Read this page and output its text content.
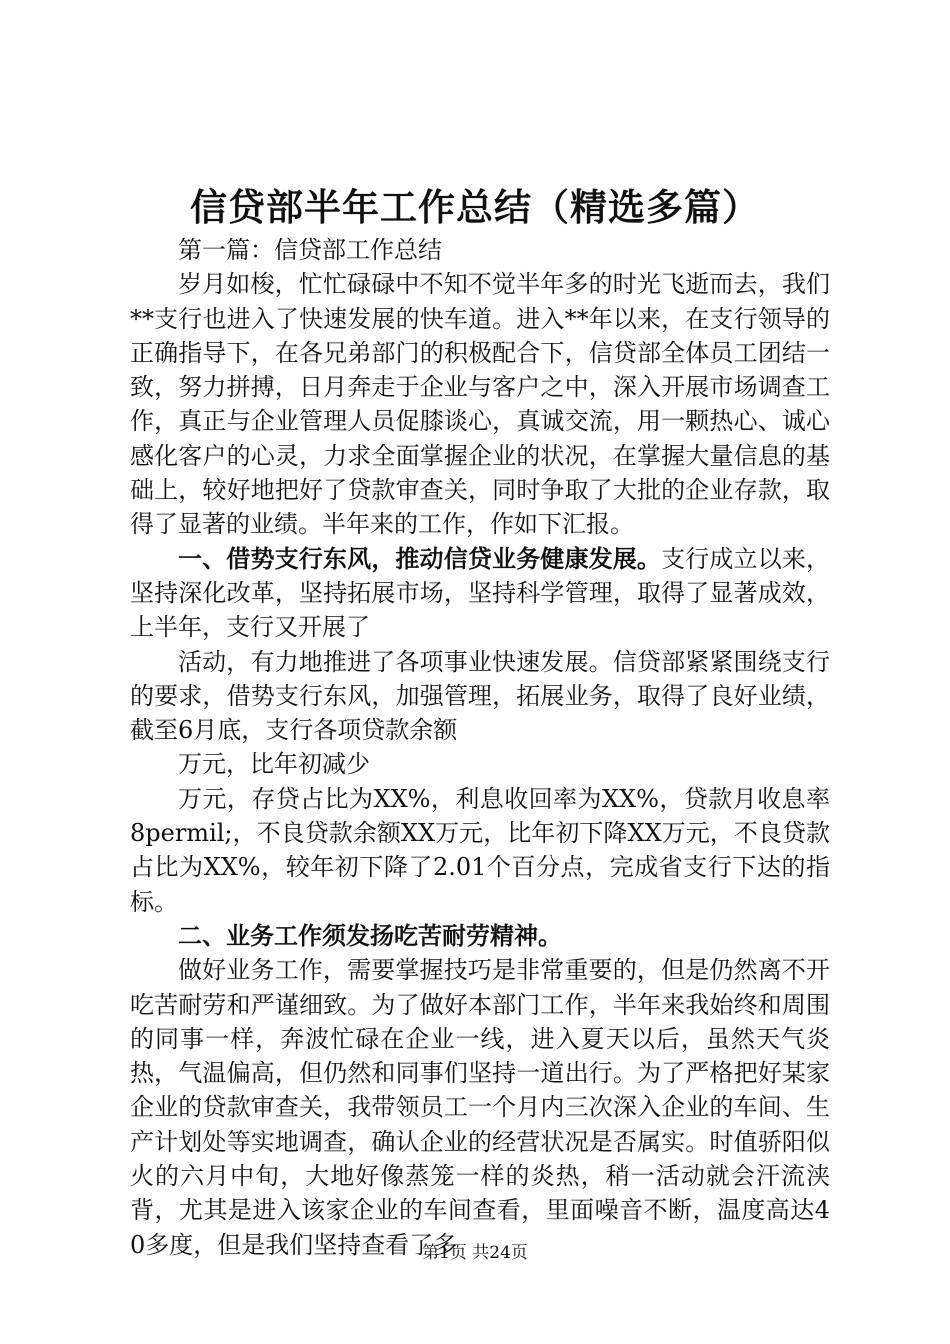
信贷部半年工作总结（精选多篇）

第一篇：信贷部工作总结

岁月如梭，忙忙碌碌中不知不觉半年多的时光飞逝而去，我们**支行也进入了快速发展的快车道。进入**年以来，在支行领导的正确指导下，在各兄弟部门的积极配合下，信贷部全体员工团结一致，努力拼搏，日月奔走于企业与客户之中，深入开展市场调查工作，真正与企业管理人员促膝谈心，真诚交流，用一颗热心、诚心感化客户的心灵，力求全面掌握企业的状况，在掌握大量信息的基础上，较好地把好了贷款审查关，同时争取了大批的企业存款，取得了显著的业绩。半年来的工作，作如下汇报。

一、借势支行东风，推动信贷业务健康发展。支行成立以来，坚持深化改革，坚持拓展市场，坚持科学管理，取得了显著成效，上半年，支行又开展了

活动，有力地推进了各项事业快速发展。信贷部紧紧围绕支行的要求，借势支行东风，加强管理，拓展业务，取得了良好业绩，截至6月底，支行各项贷款余额

万元，比年初减少

万元，存贷占比为XX%，利息收回率为XX%，贷款月收息率8permil;，不良贷款余额XX万元，比年初下降XX万元，不良贷款占比为XX%，较年初下降了2.01个百分点，完成省支行下达的指标。

二、业务工作须发扬吃苦耐劳精神。

做好业务工作，需要掌握技巧是非常重要的，但是仍然离不开吃苦耐劳和严谨细致。为了做好本部门工作，半年来我始终和周围的同事一样，奔波忙碌在企业一线，进入夏天以后，虽然天气炎热，气温偏高，但仍然和同事们坚持一道出行。为了严格把好某家企业的贷款审查关，我带领员工一个月内三次深入企业的车间、生产计划处等实地调查，确认企业的经营状况是否属实。时值骄阳似火的六月中旬，大地好像蒸笼一样的炎热，稍一活动就会汗流浃背，尤其是进入该家企业的车间查看，里面噪音不断，温度高达40多度，但是我们坚持查看了多

第1页 共24页
